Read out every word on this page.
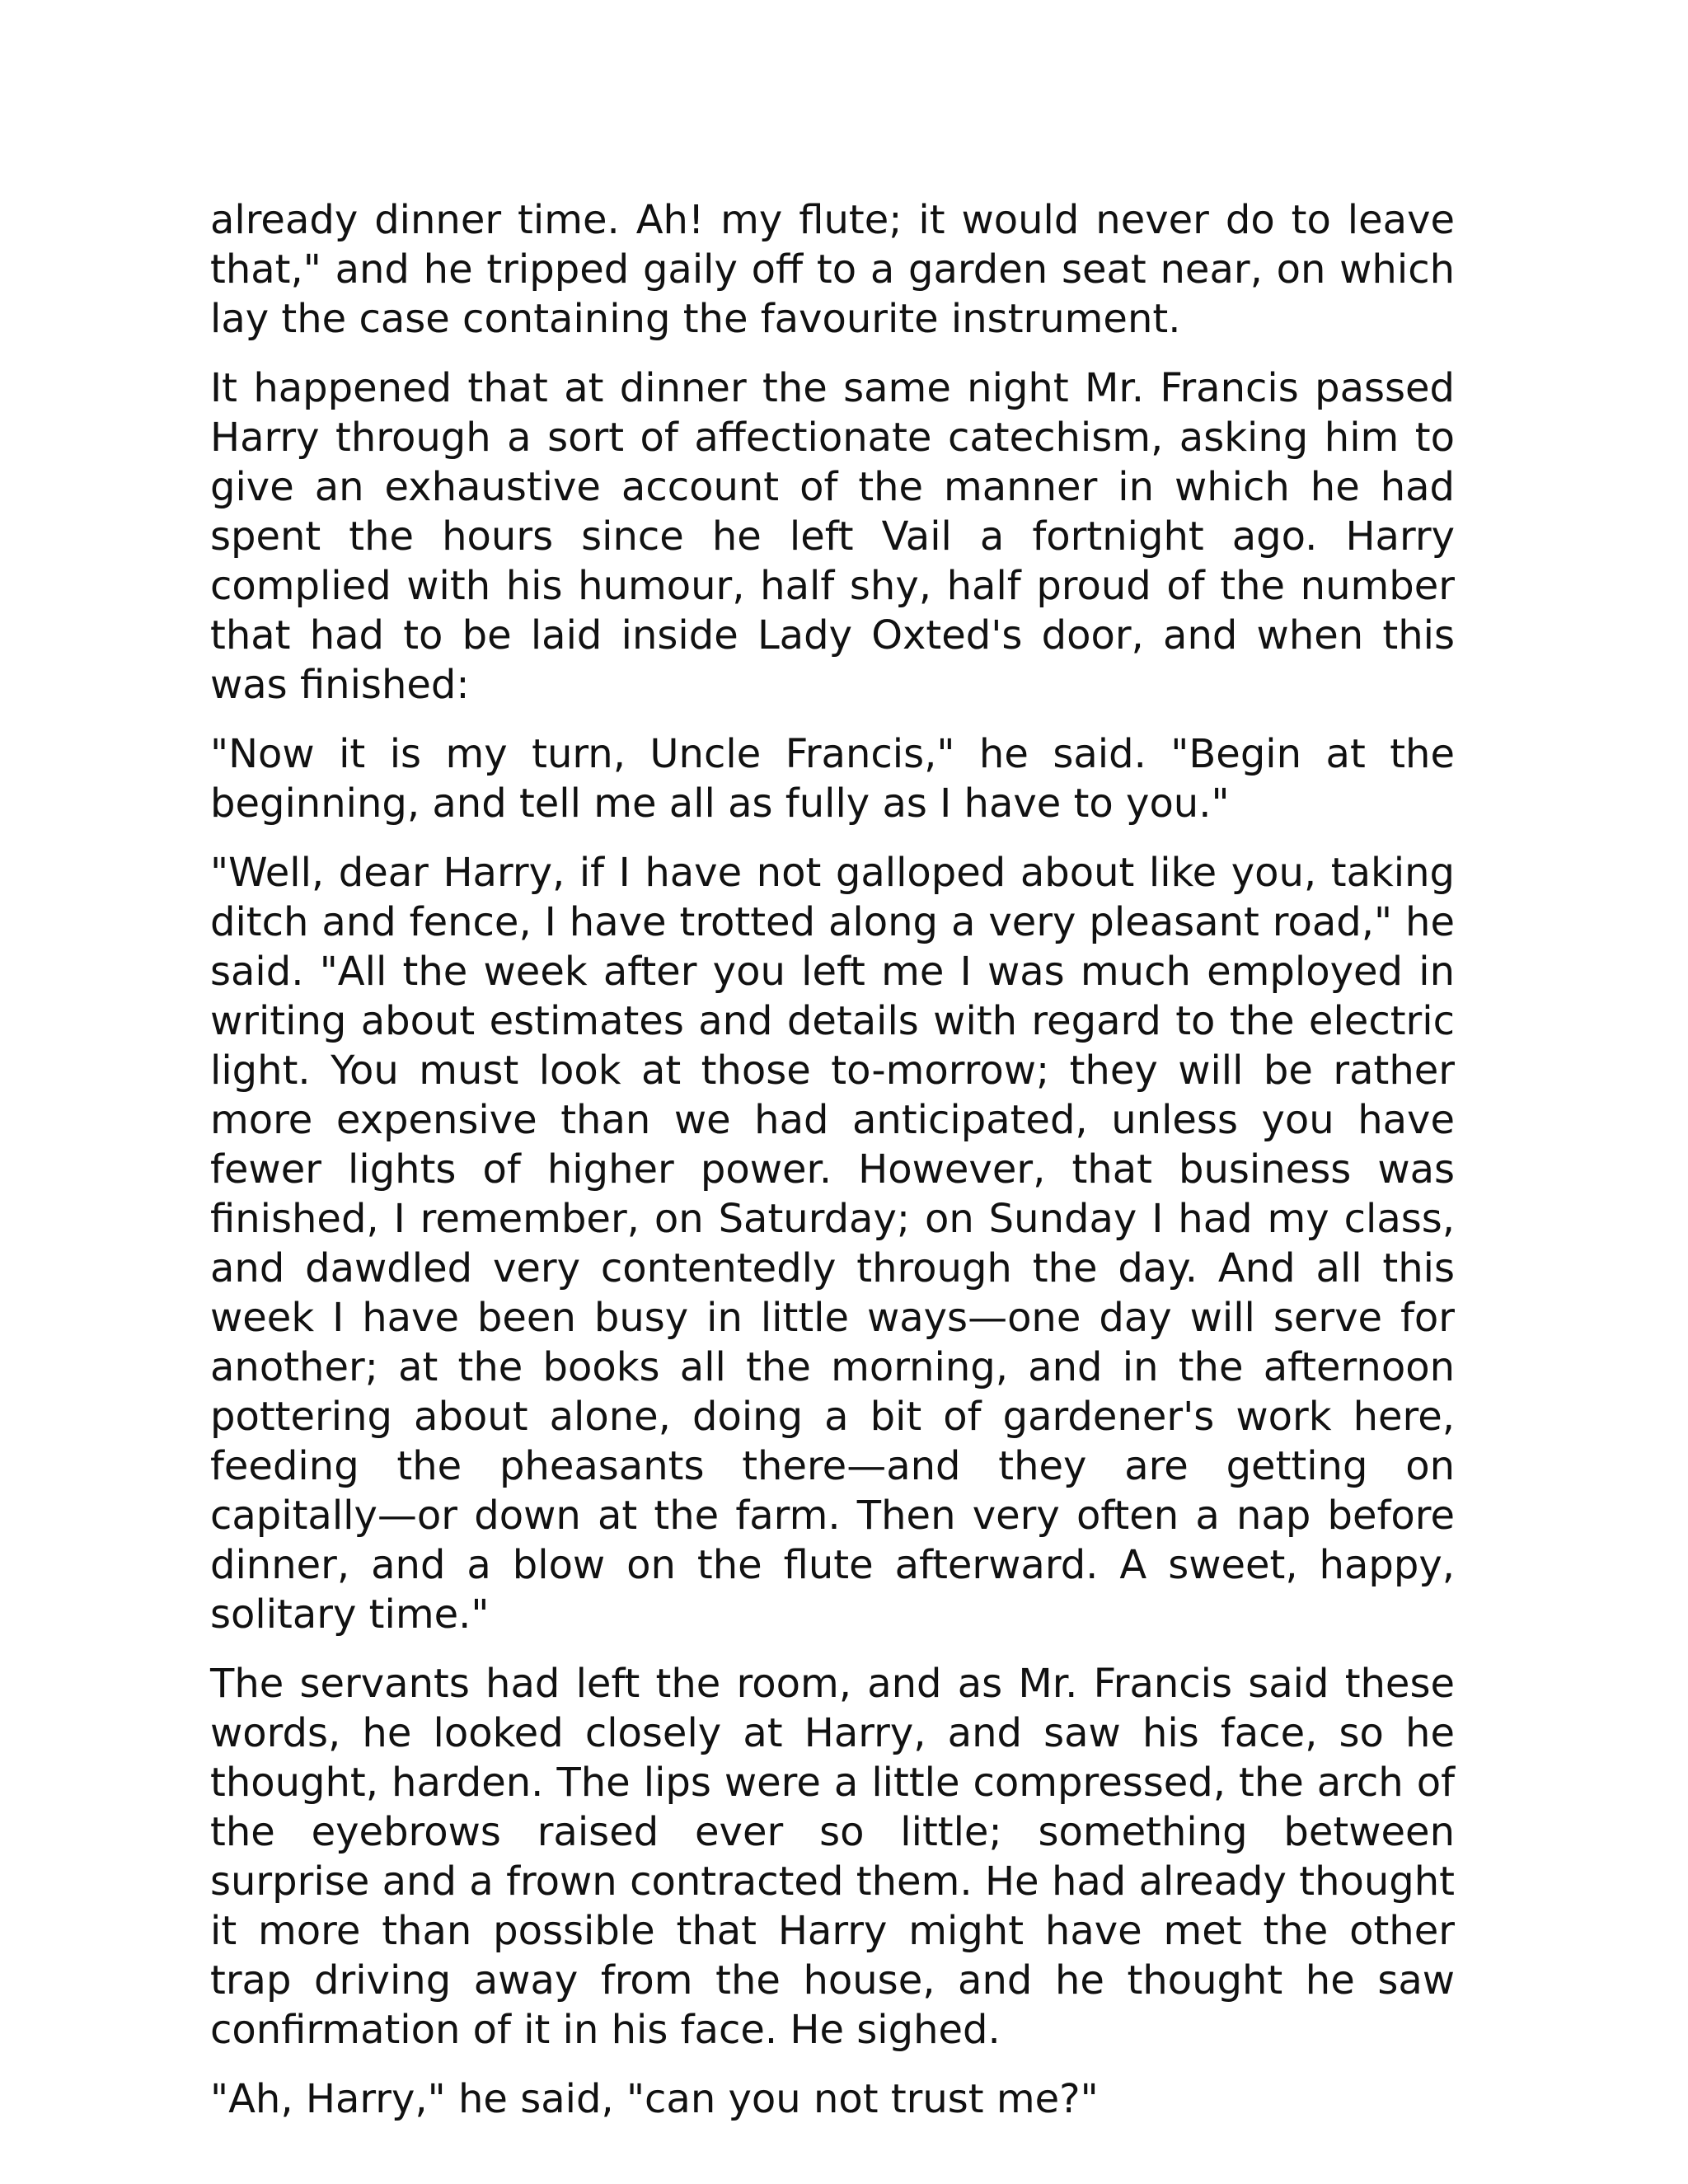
already dinner time. Ah! my flute; it would never do to leave that," and he tripped gaily off to a garden seat near, on which lay the case containing the favourite instrument.

It happened that at dinner the same night Mr. Francis passed Harry through a sort of affectionate catechism, asking him to give an exhaustive account of the manner in which he had spent the hours since he left Vail a fortnight ago. Harry complied with his humour, half shy, half proud of the number that had to be laid inside Lady Oxted's door, and when this was finished:

"Now it is my turn, Uncle Francis," he said. "Begin at the beginning, and tell me all as fully as I have to you."

"Well, dear Harry, if I have not galloped about like you, taking ditch and fence, I have trotted along a very pleasant road," he said. "All the week after you left me I was much employed in writing about estimates and details with regard to the electric light. You must look at those to-morrow; they will be rather more expensive than we had anticipated, unless you have fewer lights of higher power. However, that business was finished, I remember, on Saturday; on Sunday I had my class, and dawdled very contentedly through the day. And all this week I have been busy in little ways—one day will serve for another; at the books all the morning, and in the afternoon pottering about alone, doing a bit of gardener's work here, feeding the pheasants there—and they are getting on capitally—or down at the farm. Then very often a nap before dinner, and a blow on the flute afterward. A sweet, happy, solitary time."

The servants had left the room, and as Mr. Francis said these words, he looked closely at Harry, and saw his face, so he thought, harden. The lips were a little compressed, the arch of the eyebrows raised ever so little; something between surprise and a frown contracted them. He had already thought it more than possible that Harry might have met the other trap driving away from the house, and he thought he saw confirmation of it in his face. He sighed.

"Ah, Harry," he said, "can you not trust me?"
